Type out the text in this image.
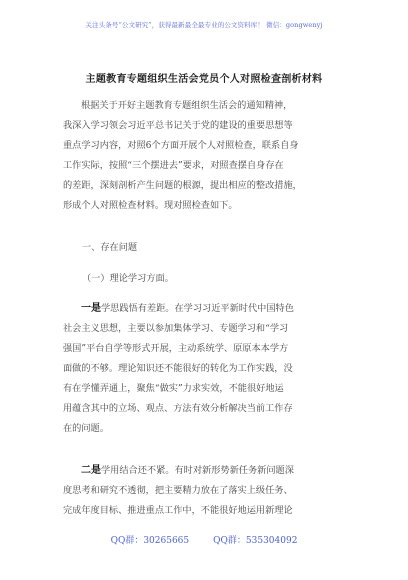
关注头条号“公文研究”，获得最新最全最专业的公文资料库！ 微信：gongwenyj
主题教育专题组织生活会党员个人对照检查剖析材料
根据关于开好主题教育专题组织生活会的通知精神，
我深入学习领会习近平总书记关于党的建设的重要思想等
重点学习内容，对照6个方面开展个人对照检查，联系自身
工作实际，按照“三个摆进去”要求，对照查摆自身存在
的差距，深刻剖析产生问题的根源，提出相应的整改措施，
形成个人对照检查材料。现对照检查如下。
一、存在问题
（一）理论学习方面。
一是学思践悟有差距。在学习习近平新时代中国特色
社会主义思想，主要以参加集体学习、专题学习和“学习
强国”平台自学等形式开展，主动系统学、原原本本学方
面做的不够。理论知识还不能很好的转化为工作实践，没
有在学懂弄通上，聚焦“做实”力求实效，不能很好地运
用蕴含其中的立场、观点、方法有效分析解决当前工作存
在的问题。
二是学用结合还不紧。有时对新形势新任务新问题深
度思考和研究不透彻，把主要精力放在了落实上级任务、
完成年度目标、推进重点工作中，不能很好地运用新理论
QQ群：30265665	QQ群：535304092
